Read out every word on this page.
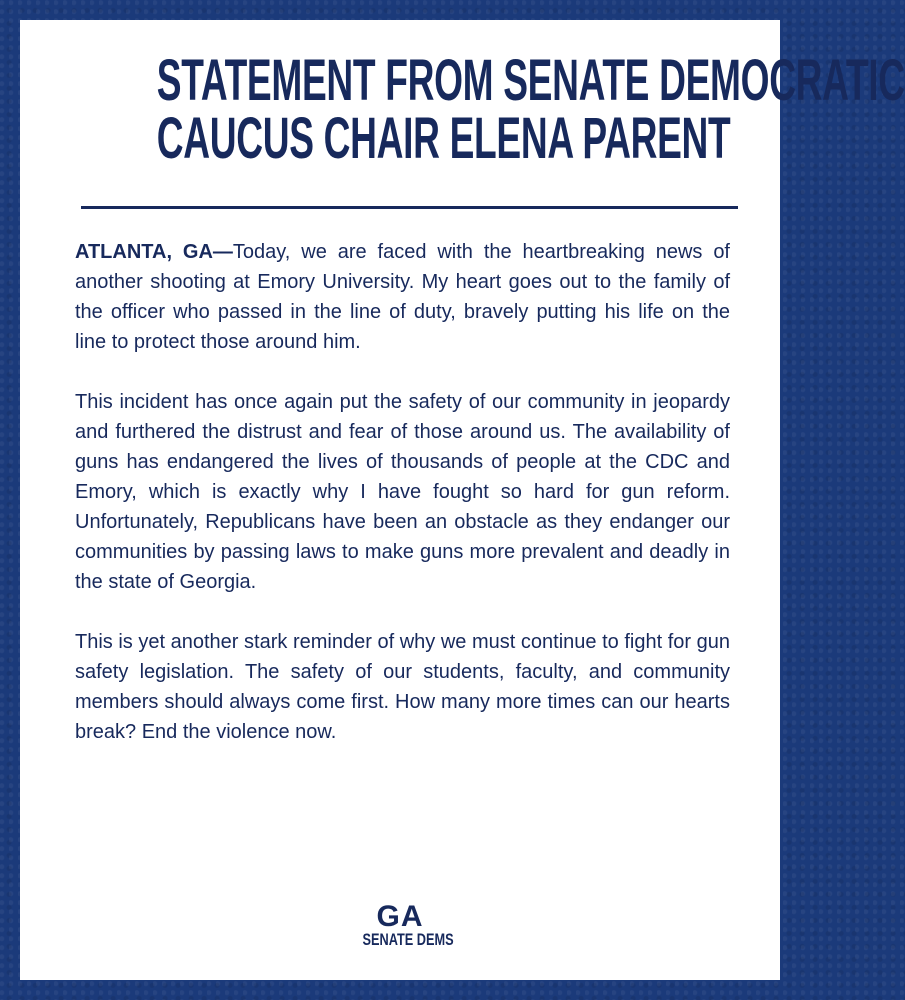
STATEMENT FROM SENATE DEMOCRATIC
CAUCUS CHAIR ELENA PARENT

ATLANTA, GA—Today, we are faced with the heartbreaking news of another shooting at Emory University. My heart goes out to the family of the officer who passed in the line of duty, bravely putting his life on the line to protect those around him.

This incident has once again put the safety of our community in jeopardy and furthered the distrust and fear of those around us. The availability of guns has endangered the lives of thousands of people at the CDC and Emory, which is exactly why I have fought so hard for gun reform. Unfortunately, Republicans have been an obstacle as they endanger our communities by passing laws to make guns more prevalent and deadly in the state of Georgia.

This is yet another stark reminder of why we must continue to fight for gun safety legislation. The safety of our students, faculty, and community members should always come first. How many more times can our hearts break? End the violence now.

GA
SENATE DEMS
